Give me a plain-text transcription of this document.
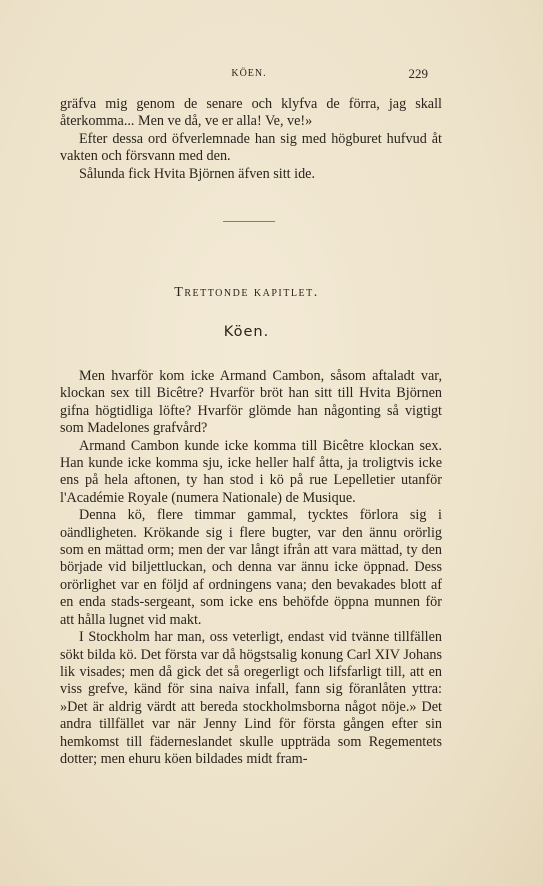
KÖEN.	229

gräfva mig genom de senare och klyfva de förra, jag skall återkomma... Men ve då, ve er alla! Ve, ve!»

Efter dessa ord öfverlemnade han sig med högburet hufvud åt vakten och försvann med den.

Sålunda fick Hvita Björnen äfven sitt ide.

Trettonde kapitlet.
Köen.

Men hvarför kom icke Armand Cambon, såsom aftaladt var, klockan sex till Bicêtre? Hvarför bröt han sitt till Hvita Björnen gifna högtidliga löfte? Hvarför glömde han någonting så vigtigt som Madelones grafvård?

Armand Cambon kunde icke komma till Bicêtre klockan sex. Han kunde icke komma sju, icke heller half åtta, ja troligtvis icke ens på hela aftonen, ty han stod i kö på rue Lepelletier utanför l'Académie Royale (numera Nationale) de Musique.

Denna kö, flere timmar gammal, tycktes förlora sig i oändligheten. Krökande sig i flere bugter, var den ännu orörlig som en mättad orm; men der var långt ifrån att vara mättad, ty den började vid biljettluckan, och denna var ännu icke öppnad. Dess orörlighet var en följd af ordningens vana; den bevakades blott af en enda stads-sergeant, som icke ens behöfde öppna munnen för att hålla lugnet vid makt.

I Stockholm har man, oss veterligt, endast vid tvänne tillfällen sökt bilda kö. Det första var då högstsalig konung Carl XIV Johans lik visades; men då gick det så oregerligt och lifsfarligt till, att en viss grefve, känd för sina naiva infall, fann sig föranlåten yttra: »Det är aldrig värdt att bereda stockholmsborna något nöje.» Det andra tillfället var när Jenny Lind för första gången efter sin hemkomst till fäderneslandet skulle uppträda som Regementets dotter; men ehuru köen bildades midt fram-
